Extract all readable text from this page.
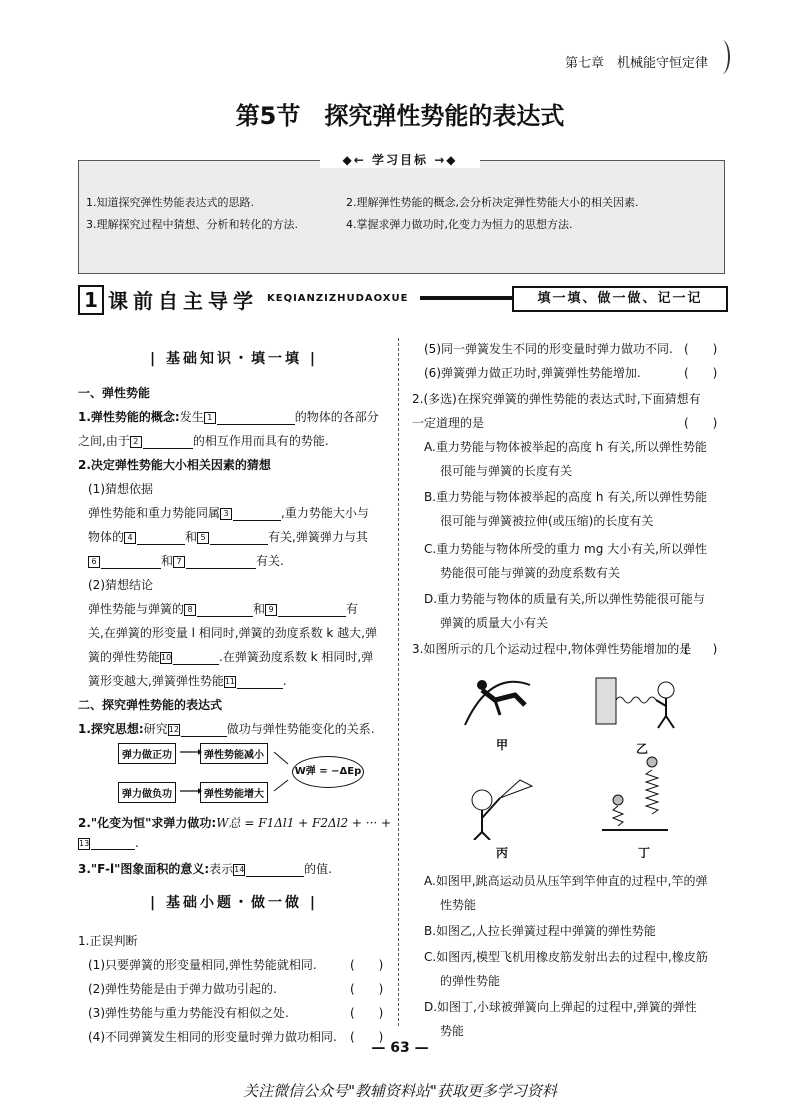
第七章　机械能守恒定律
第5节　探究弹性势能的表达式
◆← 学习目标 →◆
1.知道探究弹性势能表达式的思路.	2.理解弹性势能的概念,会分析决定弹性势能大小的相关因素.
3.理解探究过程中猜想、分析和转化的方法.	4.掌握求弹力做功时,化变力为恒力的思想方法.
1 课前自主导学 KEQIANZIZHUDAOXUE	填一填、做一做、记一记
| 基础知识・填一填 |
一、弹性势能
1.弹性势能的概念:发生 1	的物体的各部分
之间,由于 2	的相互作用而具有的势能.
2.决定弹性势能大小相关因素的猜想
(1)猜想依据
弹性势能和重力势能同属 3	,重力势能大小与
物体的 4	和 5	有关,弹簧弹力与其
6	和 7	有关.
(2)猜想结论
弹性势能与弹簧的 8	和 9	有
关,在弹簧的形变量 l 相同时,弹簧的劲度系数 k 越大,弹
簧的弹性势能10	.在弹簧劲度系数 k 相同时,弹
簧形变越大,弹簧弹性势能11	.
二、探究弹性势能的表达式
1.探究思想:研究12	做功与弹性势能变化的关系.
弹力做正功	弹性势能减小
弹力做负功	弹性势能增大
W弹 = −ΔEp
2."化变为恒"求弹力做功:W总 = F1Δl1 + F2Δl2 + ··· +
13	.
3."F-l"图象面积的意义:表示14	的值.
| 基础小题・做一做 |
1.正误判断
(1)只要弹簧的形变量相同,弹性势能就相同.	(　　)
(2)弹性势能是由于弹力做功引起的.	(　　)
(3)弹性势能与重力势能没有相似之处.	(　　)
(4)不同弹簧发生相同的形变量时弹力做功相同. (　　)
(5)同一弹簧发生不同的形变量时弹力做功不同. (　　)
(6)弹簧弹力做正功时,弹簧弹性势能增加.	(　　)
2.(多选)在探究弹簧的弹性势能的表达式时,下面猜想有
一定道理的是	(　　)
A.重力势能与物体被举起的高度 h 有关,所以弹性势能
很可能与弹簧的长度有关
B.重力势能与物体被举起的高度 h 有关,所以弹性势能
很可能与弹簧被拉伸(或压缩)的长度有关
C.重力势能与物体所受的重力 mg 大小有关,所以弹性
势能很可能与弹簧的劲度系数有关
D.重力势能与物体的质量有关,所以弹性势能很可能与
弹簧的质量大小有关
3.如图所示的几个运动过程中,物体弹性势能增加的是
(　　)
甲	乙
丙	丁
A.如图甲,跳高运动员从压竿到竿伸直的过程中,竿的弹
性势能
B.如图乙,人拉长弹簧过程中弹簧的弹性势能
C.如图丙,模型飞机用橡皮筋发射出去的过程中,橡皮筋
的弹性势能
D.如图丁,小球被弹簧向上弹起的过程中,弹簧的弹性
势能
— 63 —
关注微信公众号"教辅资料站"获取更多学习资料
